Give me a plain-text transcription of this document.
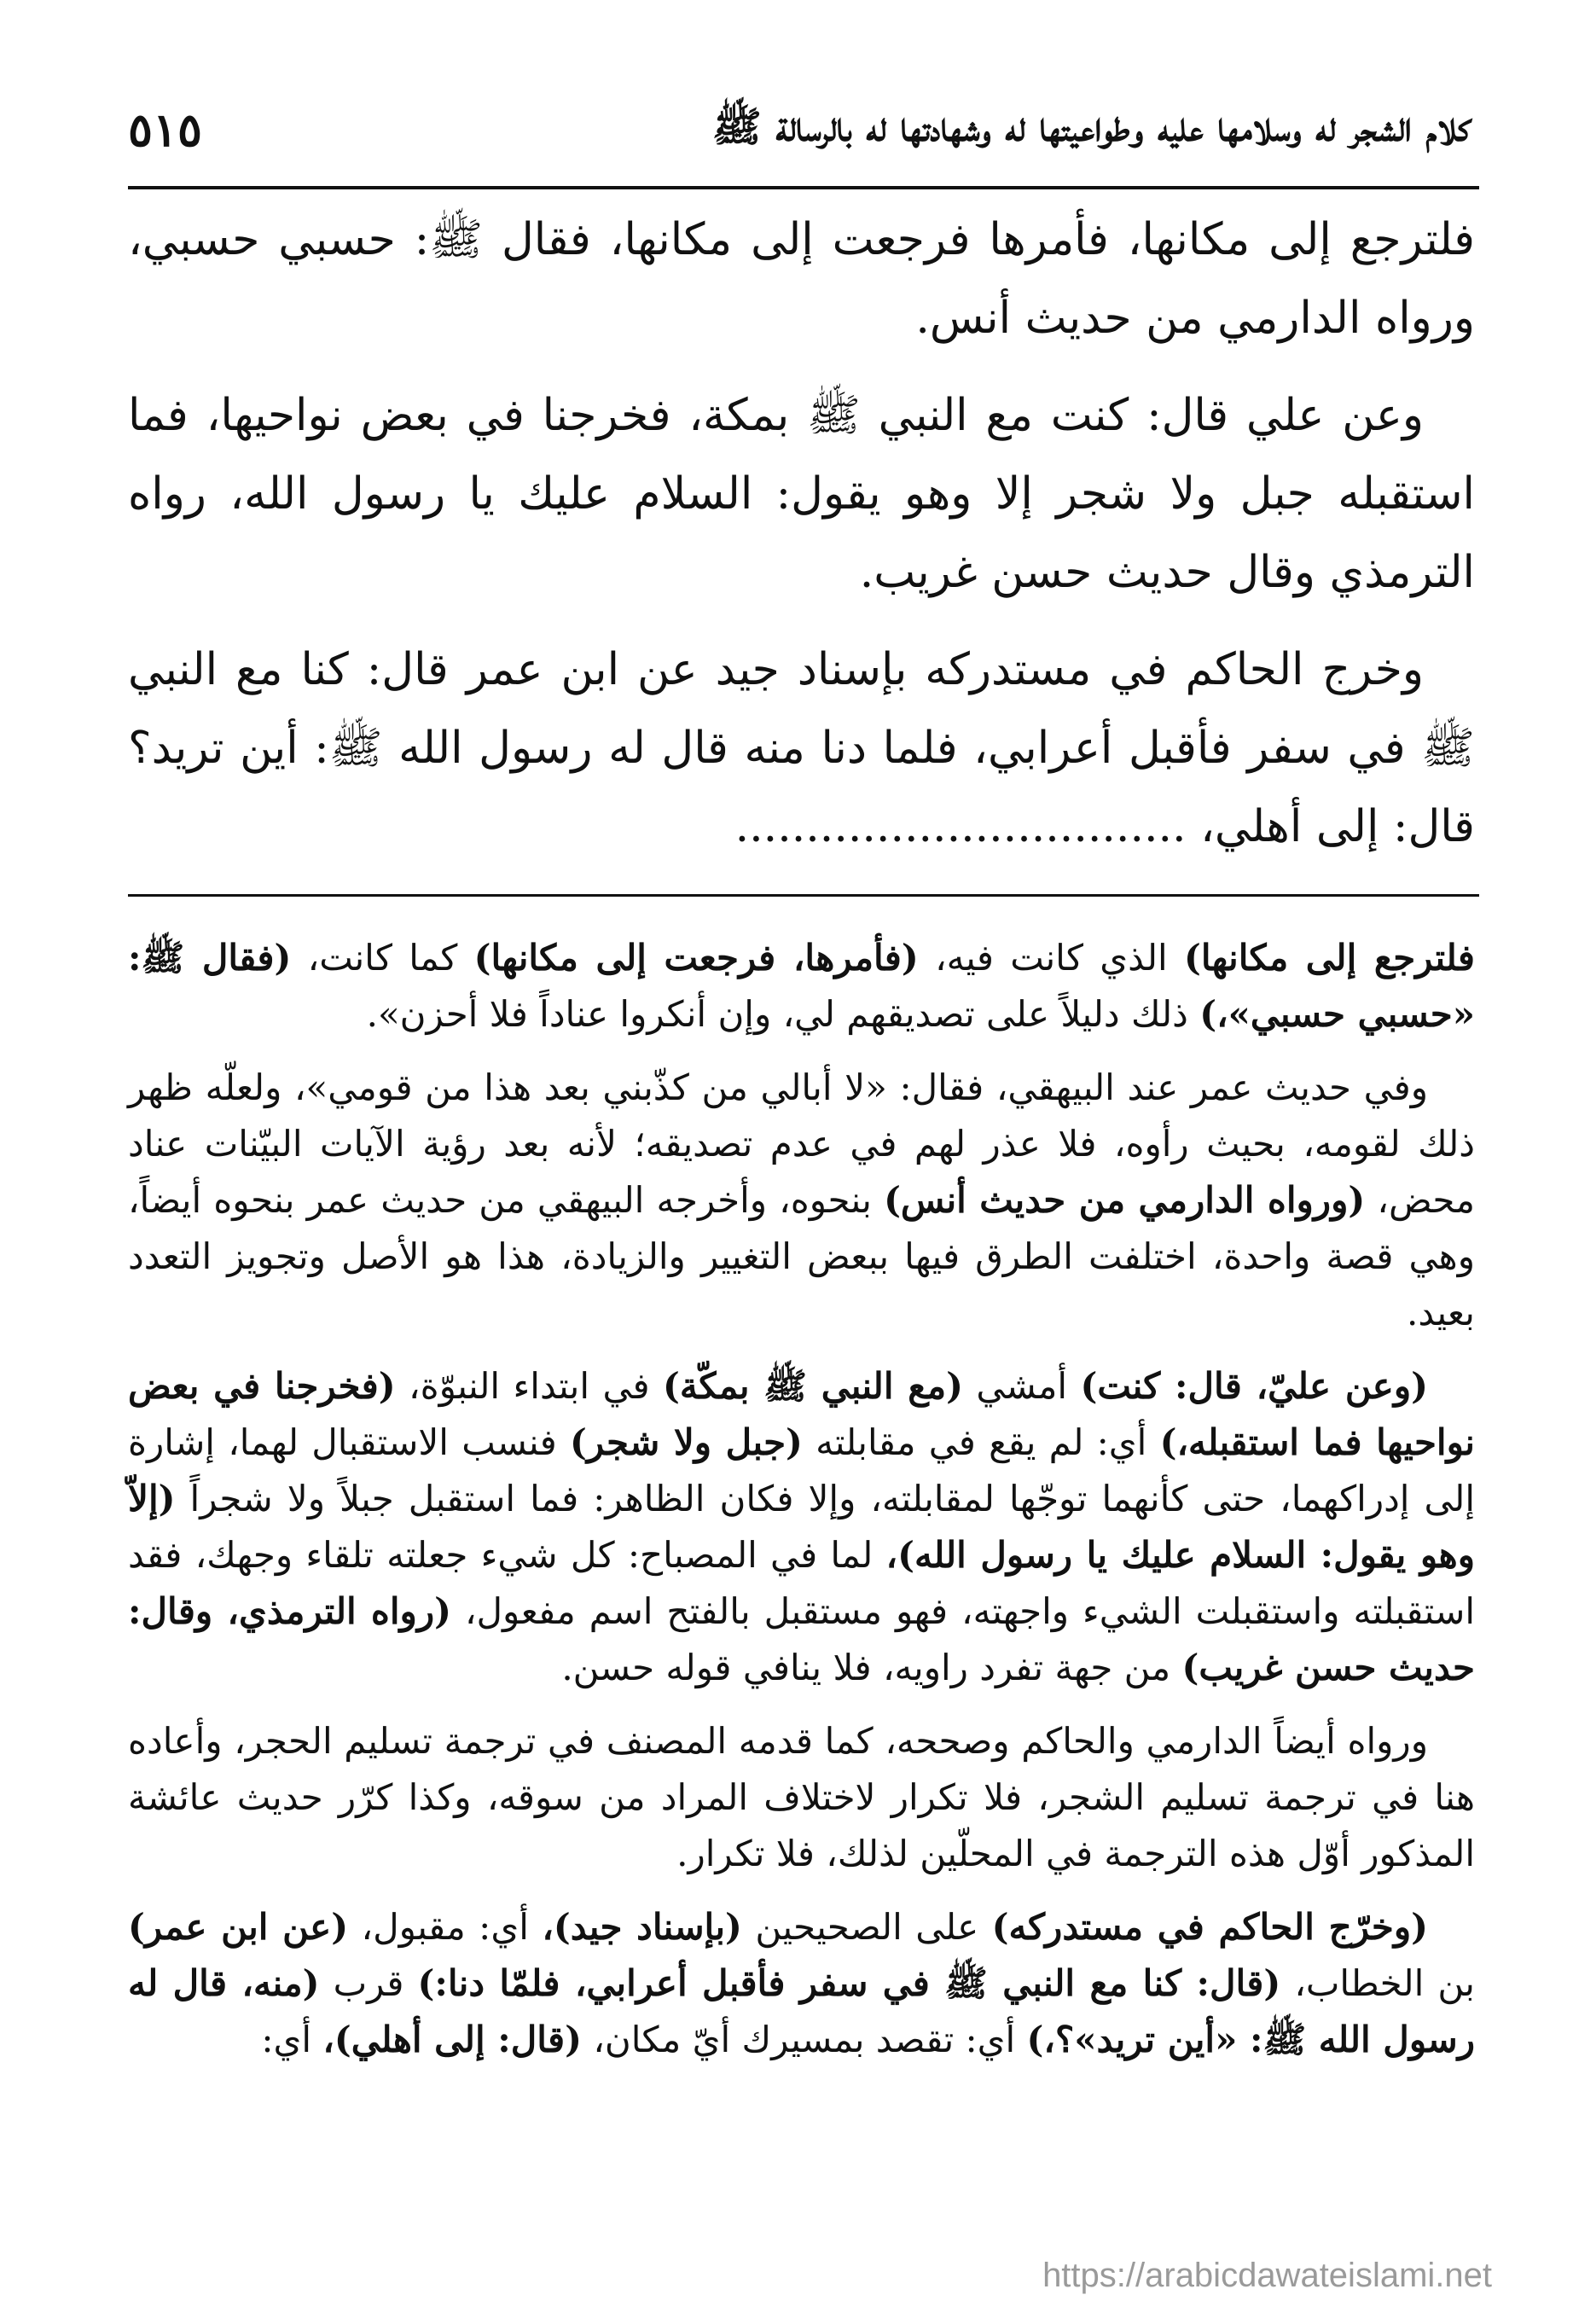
كلام الشجر له وسلامها عليه وطواعيتها له وشهادتها له بالرسالة ﷺ
٥١٥

فلترجع إلى مكانها، فأمرها فرجعت إلى مكانها، فقال ﷺ: حسبي حسبي، ورواه الدارمي من حديث أنس.

وعن علي قال: كنت مع النبي ﷺ بمكة، فخرجنا في بعض نواحيها، فما استقبله جبل ولا شجر إلا وهو يقول: السلام عليك يا رسول الله، رواه الترمذي وقال حديث حسن غريب.

وخرج الحاكم في مستدركه بإسناد جيد عن ابن عمر قال: كنا مع النبي ﷺ في سفر فأقبل أعرابي، فلما دنا منه قال له رسول الله ﷺ: أين تريد؟ قال: إلى أهلي، ................................

فلترجع إلى مكانها) الذي كانت فيه، (فأمرها، فرجعت إلى مكانها) كما كانت، (فقال ﷺ: «حسبي حسبي»،) ذلك دليلاً على تصديقهم لي، وإن أنكروا عناداً فلا أحزن».

وفي حديث عمر عند البيهقي، فقال: «لا أبالي من كذّبني بعد هذا من قومي»، ولعلّه ظهر ذلك لقومه، بحيث رأوه، فلا عذر لهم في عدم تصديقه؛ لأنه بعد رؤية الآيات البيّنات عناد محض، (ورواه الدارمي من حديث أنس) بنحوه، وأخرجه البيهقي من حديث عمر بنحوه أيضاً، وهي قصة واحدة، اختلفت الطرق فيها ببعض التغيير والزيادة، هذا هو الأصل وتجويز التعدد بعيد.

(وعن عليّ، قال: كنت) أمشي (مع النبي ﷺ بمكّة) في ابتداء النبوّة، (فخرجنا في بعض نواحيها فما استقبله،) أي: لم يقع في مقابلته (جبل ولا شجر) فنسب الاستقبال لهما، إشارة إلى إدراكهما، حتى كأنهما توجّها لمقابلته، وإلا فكان الظاهر: فما استقبل جبلاً ولا شجراً (إلاّ وهو يقول: السلام عليك يا رسول الله)، لما في المصباح: كل شيء جعلته تلقاء وجهك، فقد استقبلته واستقبلت الشيء واجهته، فهو مستقبل بالفتح اسم مفعول، (رواه الترمذي، وقال: حديث حسن غريب) من جهة تفرد راويه، فلا ينافي قوله حسن.

ورواه أيضاً الدارمي والحاكم وصححه، كما قدمه المصنف في ترجمة تسليم الحجر، وأعاده هنا في ترجمة تسليم الشجر، فلا تكرار لاختلاف المراد من سوقه، وكذا كرّر حديث عائشة المذكور أوّل هذه الترجمة في المحلّين لذلك، فلا تكرار.

(وخرّج الحاكم في مستدركه) على الصحيحين (بإسناد جيد)، أي: مقبول، (عن ابن عمر) بن الخطاب، (قال: كنا مع النبي ﷺ في سفر فأقبل أعرابي، فلمّا دنا:) قرب (منه، قال له رسول الله ﷺ: «أين تريد»؟،) أي: تقصد بمسيرك أيّ مكان، (قال: إلى أهلي)، أي:

https://arabicdawateislami.net
